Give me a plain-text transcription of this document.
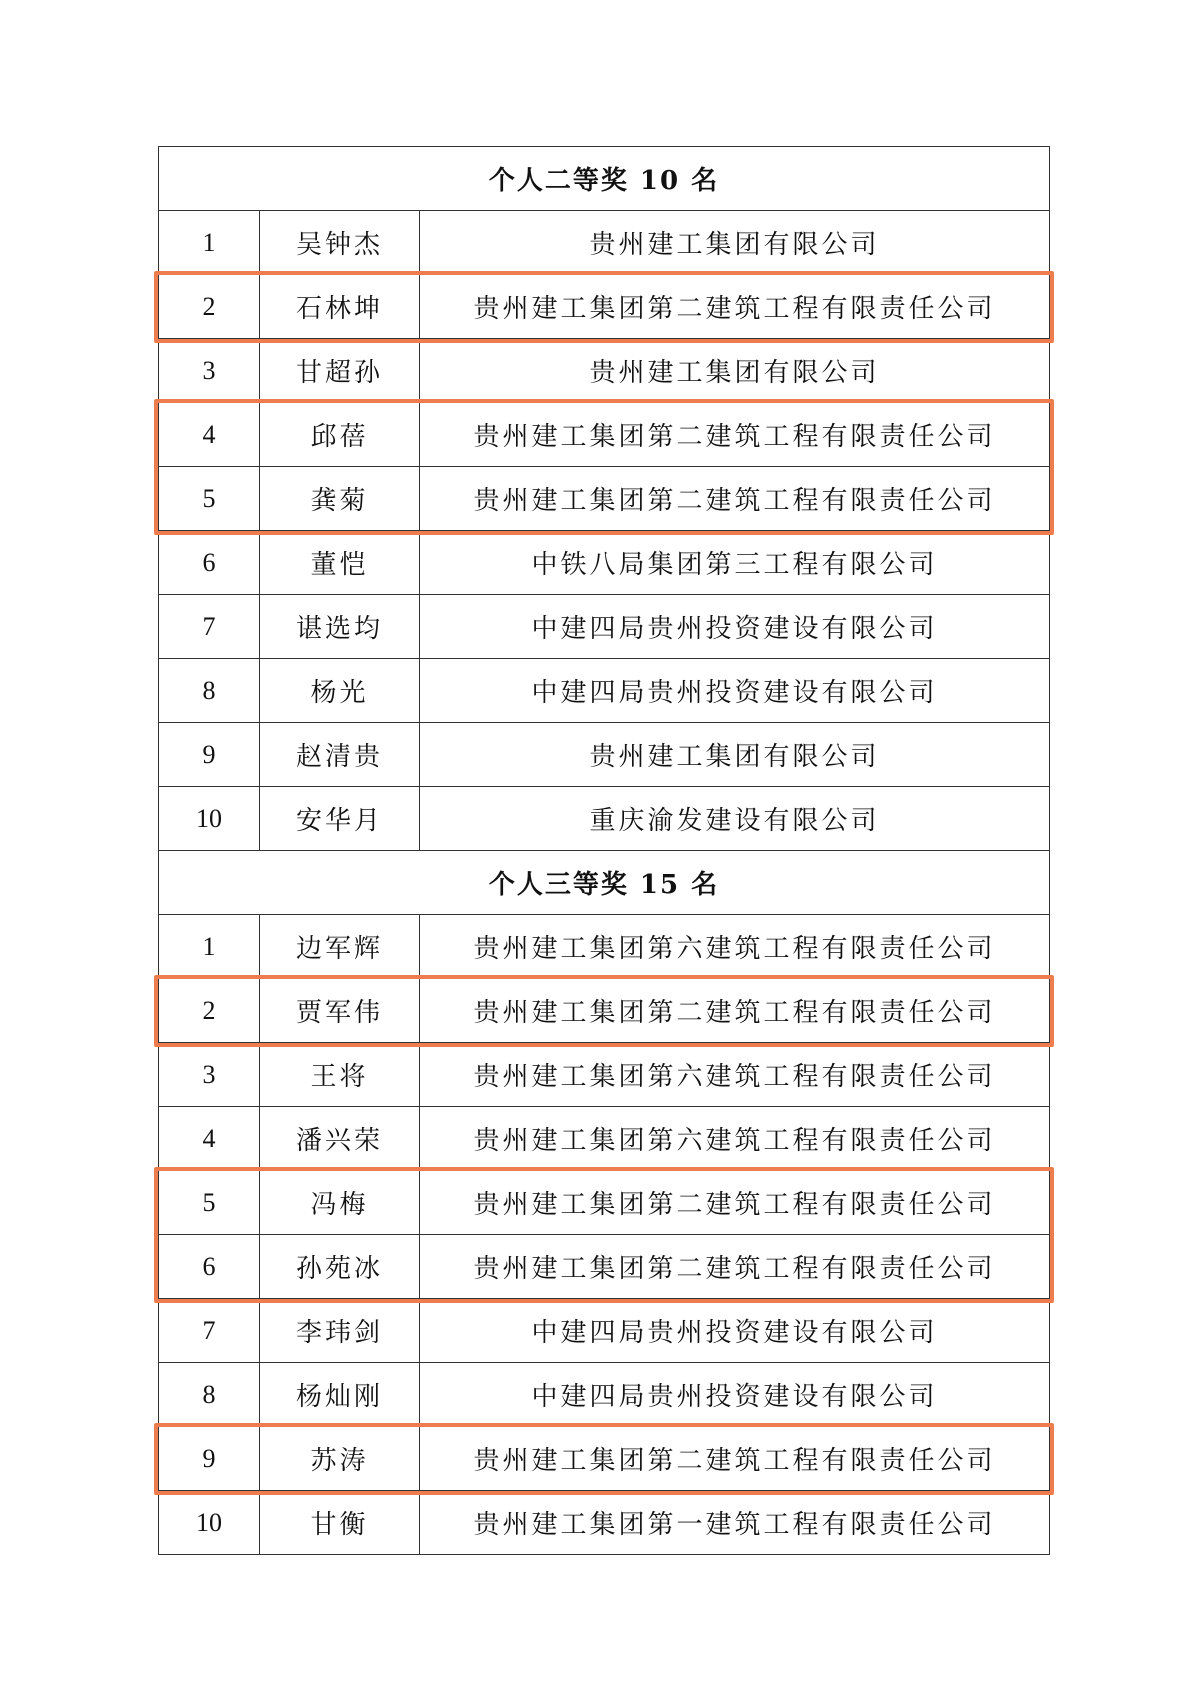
个人二等奖 10 名		
1	吴钟杰	贵州建工集团有限公司
2	石林坤	贵州建工集团第二建筑工程有限责任公司
3	甘超孙	贵州建工集团有限公司
4	邱蓓	贵州建工集团第二建筑工程有限责任公司
5	龚菊	贵州建工集团第二建筑工程有限责任公司
6	董恺	中铁八局集团第三工程有限公司
7	谌选均	中建四局贵州投资建设有限公司
8	杨光	中建四局贵州投资建设有限公司
9	赵清贵	贵州建工集团有限公司
10	安华月	重庆渝发建设有限公司
个人三等奖 15 名		
1	边军辉	贵州建工集团第六建筑工程有限责任公司
2	贾军伟	贵州建工集团第二建筑工程有限责任公司
3	王将	贵州建工集团第六建筑工程有限责任公司
4	潘兴荣	贵州建工集团第六建筑工程有限责任公司
5	冯梅	贵州建工集团第二建筑工程有限责任公司
6	孙苑冰	贵州建工集团第二建筑工程有限责任公司
7	李玮剑	中建四局贵州投资建设有限公司
8	杨灿刚	中建四局贵州投资建设有限公司
9	苏涛	贵州建工集团第二建筑工程有限责任公司
10	甘衡	贵州建工集团第一建筑工程有限责任公司
